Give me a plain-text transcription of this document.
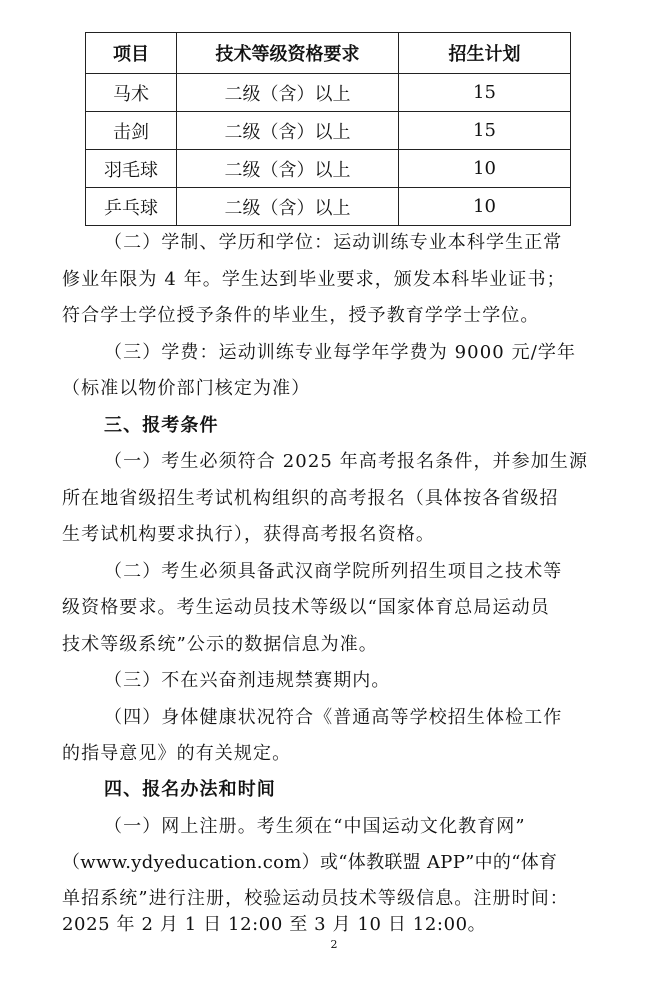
项目	技术等级资格要求	招生计划
马术	二级（含）以上	15
击剑	二级（含）以上	15
羽毛球	二级（含）以上	10
乒乓球	二级（含）以上	10
（二）学制、学历和学位：运动训练专业本科学生正常
修业年限为 4 年。学生达到毕业要求，颁发本科毕业证书；
符合学士学位授予条件的毕业生，授予教育学学士学位。
（三）学费：运动训练专业每学年学费为 9000 元/学年
（标准以物价部门核定为准）
三、报考条件
（一）考生必须符合 2025 年高考报名条件，并参加生源
所在地省级招生考试机构组织的高考报名（具体按各省级招
生考试机构要求执行），获得高考报名资格。
（二）考生必须具备武汉商学院所列招生项目之技术等
级资格要求。考生运动员技术等级以“国家体育总局运动员
技术等级系统”公示的数据信息为准。
（三）不在兴奋剂违规禁赛期内。
（四）身体健康状况符合《普通高等学校招生体检工作
的指导意见》的有关规定。
四、报名办法和时间
（一）网上注册。考生须在“中国运动文化教育网”
（www.ydyeducation.com）或“体教联盟 APP”中的“体育
单招系统”进行注册，校验运动员技术等级信息。注册时间：
2025 年 2 月 1 日 12:00 至 3 月 10 日 12:00。
2
